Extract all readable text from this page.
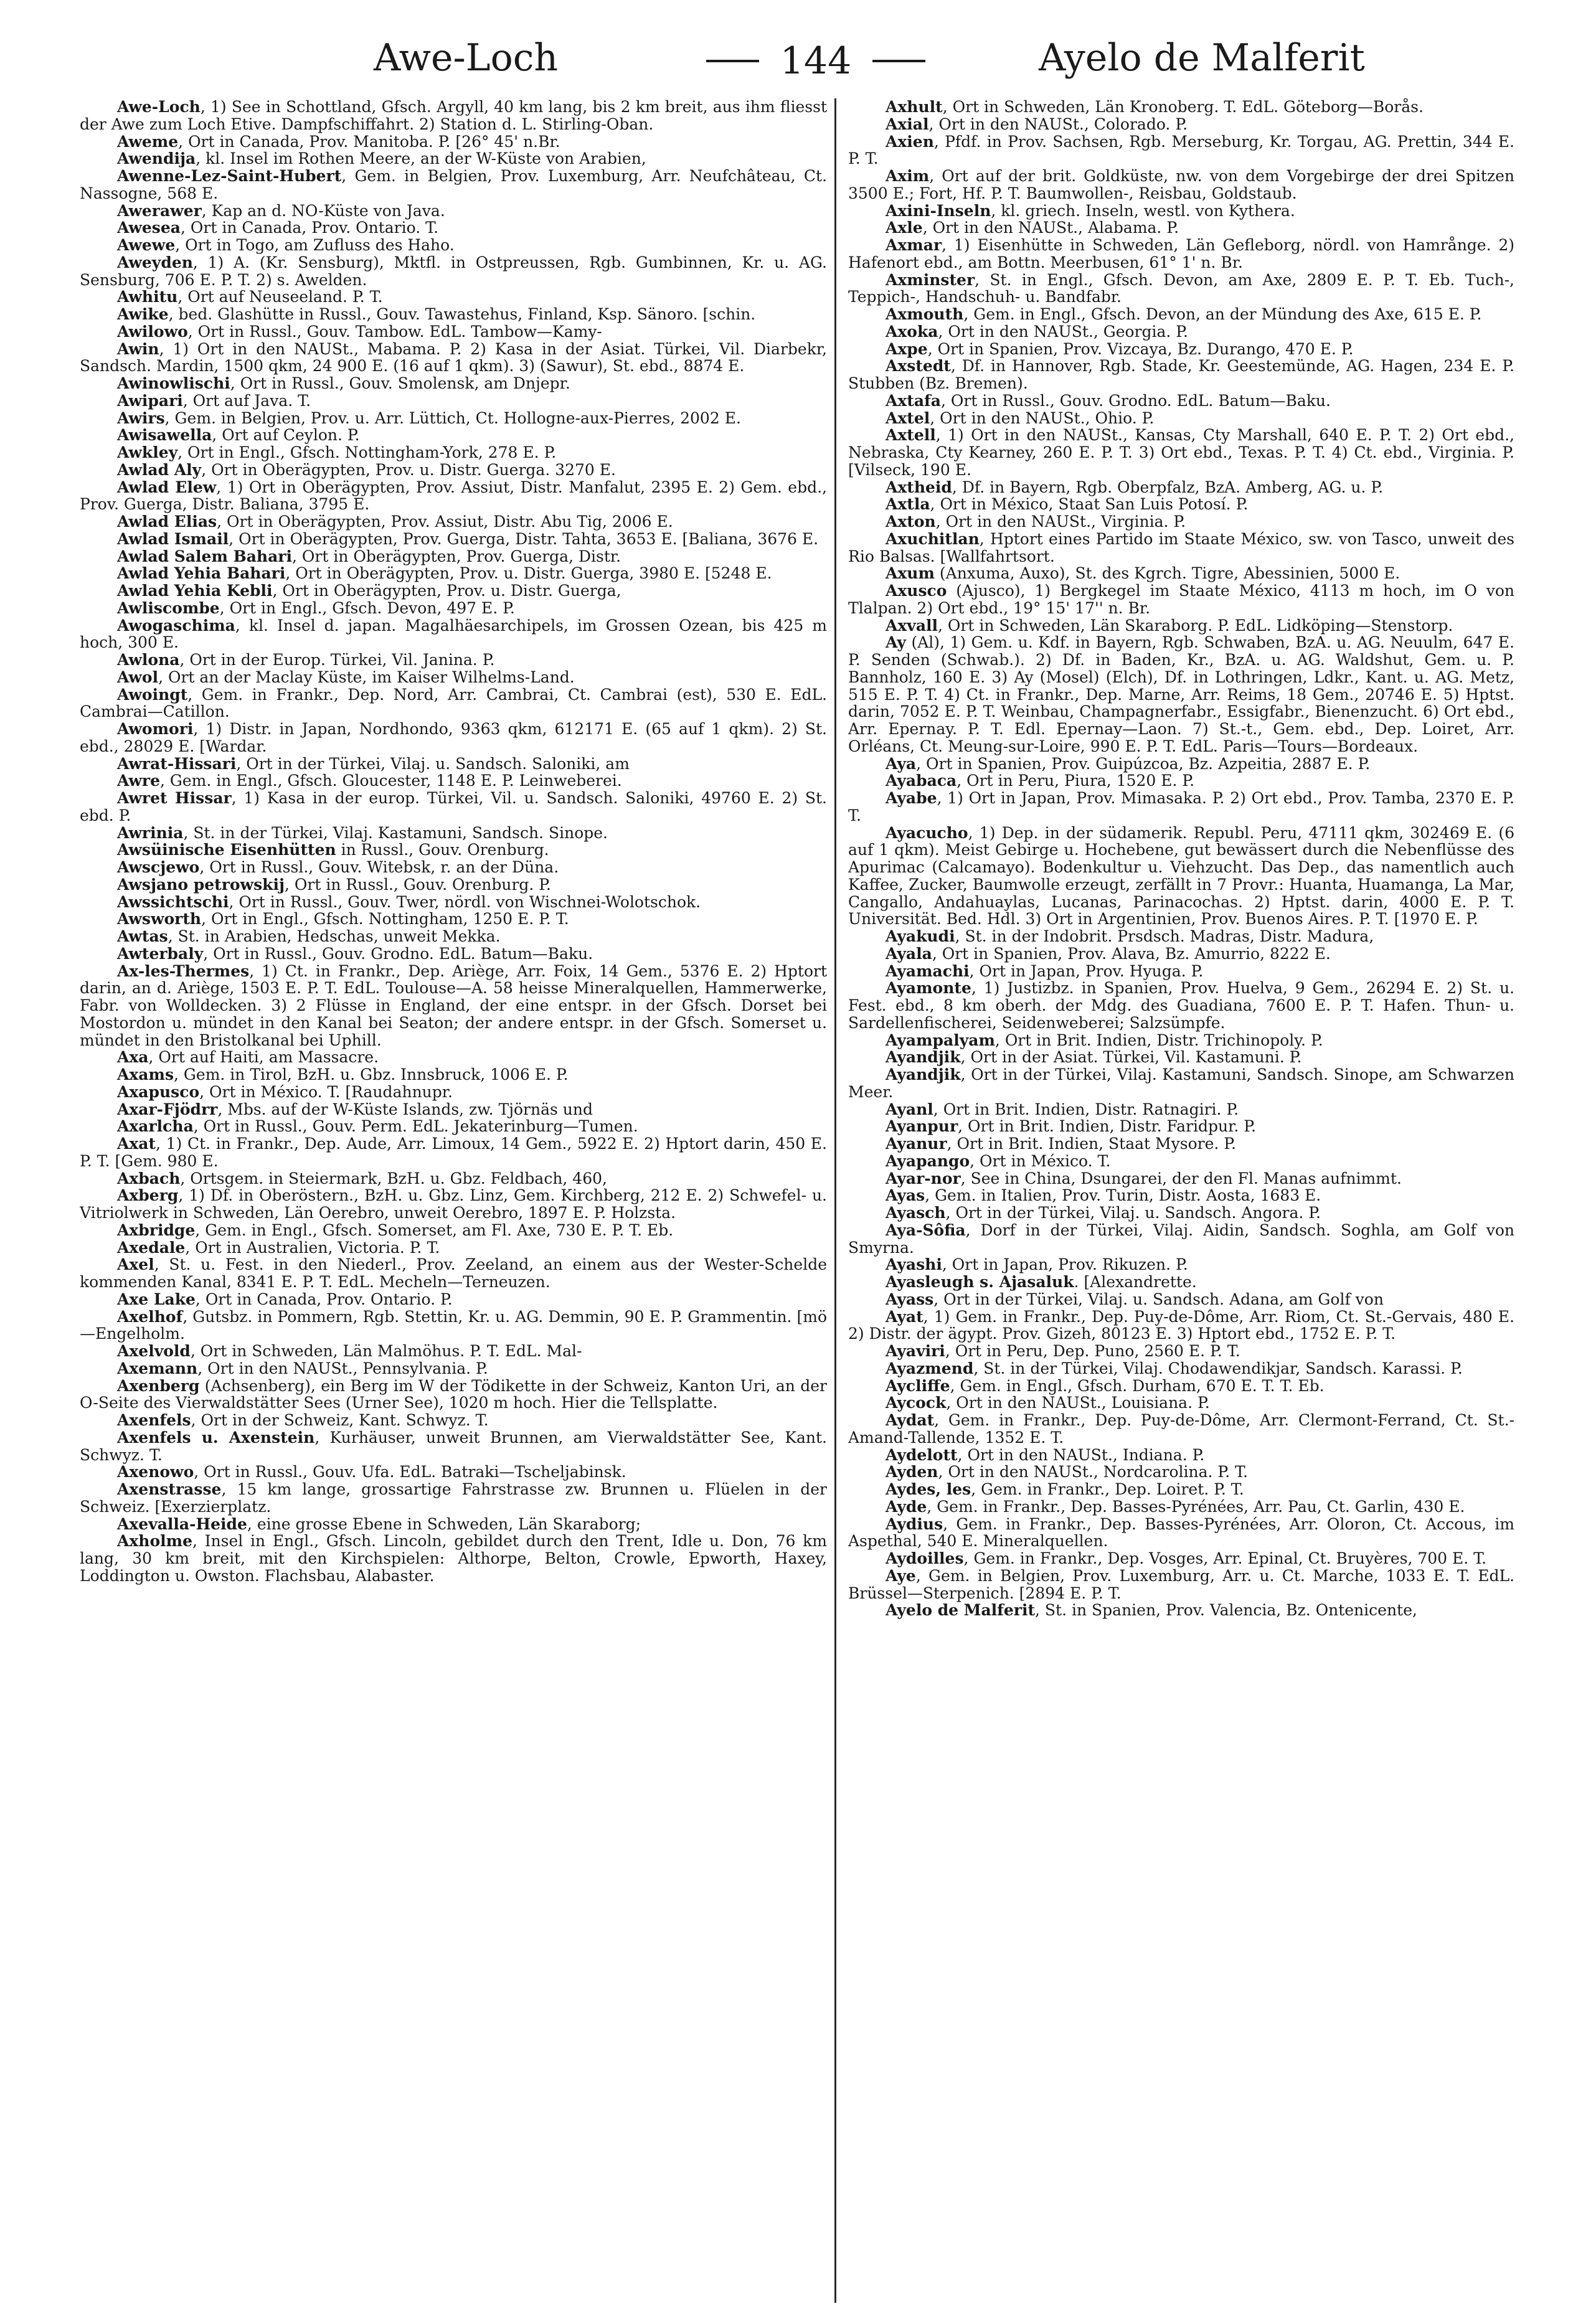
Awe-Loch	144	Ayelo de Malferit

Awe-Loch, 1) See in Schottland, Gfsch. Argyll, 40 km lang, bis 2 km breit, aus ihm fliesst der Awe zum Loch Etive. Dampfschiffahrt. 2) Station d. L. Stirling-Oban.

Aweme, Ort in Canada, Prov. Manitoba. P. [26° 45' n.Br.

Awendija, kl. Insel im Rothen Meere, an der W-Küste von Arabien,

Awenne-Lez-Saint-Hubert, Gem. in Belgien, Prov. Luxemburg, Arr. Neufchâteau, Ct. Nassogne, 568 E.

Awerawer, Kap an d. NO-Küste von Java.

Awesea, Ort in Canada, Prov. Ontario. T.

Awewe, Ort in Togo, am Zufluss des Haho.

Aweyden, 1) A. (Kr. Sensburg), Mktfl. in Ostpreussen, Rgb. Gumbinnen, Kr. u. AG. Sensburg, 706 E. P. T. 2) s. Awelden.

Awhitu, Ort auf Neuseeland. P. T.

Awike, bed. Glashütte in Russl., Gouv. Tawastehus, Finland, Ksp. Sänoro. [schin.

Awilowo, Ort in Russl., Gouv. Tambow. EdL. Tambow—Kamy-

Awin, 1) Ort in den NAUSt., Mabama. P. 2) Kasa in der Asiat. Türkei, Vil. Diarbekr, Sandsch. Mardin, 1500 qkm, 24 900 E. (16 auf 1 qkm). 3) (Sawur), St. ebd., 8874 E.

Awinowlischi, Ort in Russl., Gouv. Smolensk, am Dnjepr.

Awipari, Ort auf Java. T.

Awirs, Gem. in Belgien, Prov. u. Arr. Lüttich, Ct. Hollogne-aux-Pierres, 2002 E.

Awisawella, Ort auf Ceylon. P.

Awkley, Ort in Engl., Gfsch. Nottingham-York, 278 E. P.

Awlad Aly, Ort in Oberägypten, Prov. u. Distr. Guerga. 3270 E.

Awlad Elew, 1) Ort in Oberägypten, Prov. Assiut, Distr. Manfalut, 2395 E. 2) Gem. ebd., Prov. Guerga, Distr. Baliana, 3795 E.

Awlad Elias, Ort in Oberägypten, Prov. Assiut, Distr. Abu Tig, 2006 E.

Awlad Ismail, Ort in Oberägypten, Prov. Guerga, Distr. Tahta, 3653 E. [Baliana, 3676 E.

Awlad Salem Bahari, Ort in Oberägypten, Prov. Guerga, Distr.

Awlad Yehia Bahari, Ort in Oberägypten, Prov. u. Distr. Guerga, 3980 E. [5248 E.

Awlad Yehia Kebli, Ort in Oberägypten, Prov. u. Distr. Guerga,

Awliscombe, Ort in Engl., Gfsch. Devon, 497 E. P.

Awogaschima, kl. Insel d. japan. Magalhäesarchipels, im Grossen Ozean, bis 425 m hoch, 300 E.

Awlona, Ort in der Europ. Türkei, Vil. Janina. P.

Awol, Ort an der Maclay Küste, im Kaiser Wilhelms-Land.

Awoingt, Gem. in Frankr., Dep. Nord, Arr. Cambrai, Ct. Cambrai (est), 530 E. EdL. Cambrai—Catillon.

Awomori, 1) Distr. in Japan, Nordhondo, 9363 qkm, 612171 E. (65 auf 1 qkm). 2) St. ebd., 28029 E. [Wardar.

Awrat-Hissari, Ort in der Türkei, Vilaj. u. Sandsch. Saloniki, am

Awre, Gem. in Engl., Gfsch. Gloucester, 1148 E. P. Leinweberei.

Awret Hissar, 1) Kasa in der europ. Türkei, Vil. u. Sandsch. Saloniki, 49760 E. 2) St. ebd. P.

Awrinia, St. in der Türkei, Vilaj. Kastamuni, Sandsch. Sinope.

Awsüinische Eisenhütten in Russl., Gouv. Orenburg.

Awscjewo, Ort in Russl., Gouv. Witebsk, r. an der Düna.

Awsjano petrowskij, Ort in Russl., Gouv. Orenburg. P.

Awssichtschi, Ort in Russl., Gouv. Twer, nördl. von Wischnei-Wolotschok.

Awsworth, Ort in Engl., Gfsch. Nottingham, 1250 E. P. T.

Awtas, St. in Arabien, Hedschas, unweit Mekka.

Awterbaly, Ort in Russl., Gouv. Grodno. EdL. Batum—Baku.

Ax-les-Thermes, 1) Ct. in Frankr., Dep. Ariège, Arr. Foix, 14 Gem., 5376 E. 2) Hptort darin, an d. Ariège, 1503 E. P. T. EdL. Toulouse—A. 58 heisse Mineralquellen, Hammerwerke, Fabr. von Wolldecken. 3) 2 Flüsse in England, der eine entspr. in der Gfsch. Dorset bei Mostordon u. mündet in den Kanal bei Seaton; der andere entspr. in der Gfsch. Somerset u. mündet in den Bristolkanal bei Uphill.

Axa, Ort auf Haiti, am Massacre.

Axams, Gem. in Tirol, BzH. u. Gbz. Innsbruck, 1006 E. P.

Axapusco, Ort in México. T. [Raudahnupr.

Axar-Fjödrr, Mbs. auf der W-Küste Islands, zw. Tjörnäs und

Axarlcha, Ort in Russl., Gouv. Perm. EdL. Jekaterinburg—Tumen.

Axat, 1) Ct. in Frankr., Dep. Aude, Arr. Limoux, 14 Gem., 5922 E. 2) Hptort darin, 450 E. P. T. [Gem. 980 E.

Axbach, Ortsgem. in Steiermark, BzH. u. Gbz. Feldbach, 460,

Axberg, 1) Df. in Oberöstern., BzH. u. Gbz. Linz, Gem. Kirchberg, 212 E. 2) Schwefel- u. Vitriolwerk in Schweden, Län Oerebro, unweit Oerebro, 1897 E. P. Holzsta.

Axbridge, Gem. in Engl., Gfsch. Somerset, am Fl. Axe, 730 E. P. T. Eb.

Axedale, Ort in Australien, Victoria. P. T.

Axel, St. u. Fest. in den Niederl., Prov. Zeeland, an einem aus der Wester-Schelde kommenden Kanal, 8341 E. P. T. EdL. Mecheln—Terneuzen.

Axe Lake, Ort in Canada, Prov. Ontario. P.

Axelhof, Gutsbz. in Pommern, Rgb. Stettin, Kr. u. AG. Demmin, 90 E. P. Grammentin. [mö—Engelholm.

Axelvold, Ort in Schweden, Län Malmöhus. P. T. EdL. Mal-

Axemann, Ort in den NAUSt., Pennsylvania. P.

Axenberg (Achsenberg), ein Berg im W der Tödikette in der Schweiz, Kanton Uri, an der O-Seite des Vierwaldstätter Sees (Urner See), 1020 m hoch. Hier die Tellsplatte.

Axenfels, Ort in der Schweiz, Kant. Schwyz. T.

Axenfels u. Axenstein, Kurhäuser, unweit Brunnen, am Vierwaldstätter See, Kant. Schwyz. T.

Axenowo, Ort in Russl., Gouv. Ufa. EdL. Batraki—Tscheljabinsk.

Axenstrasse, 15 km lange, grossartige Fahrstrasse zw. Brunnen u. Flüelen in der Schweiz. [Exerzierplatz.

Axevalla-Heide, eine grosse Ebene in Schweden, Län Skaraborg;

Axholme, Insel in Engl., Gfsch. Lincoln, gebildet durch den Trent, Idle u. Don, 76 km lang, 30 km breit, mit den Kirchspielen: Althorpe, Belton, Crowle, Epworth, Haxey, Loddington u. Owston. Flachsbau, Alabaster.

Axhult, Ort in Schweden, Län Kronoberg. T. EdL. Göteborg—Borås.

Axial, Ort in den NAUSt., Colorado. P.

Axien, Pfdf. in Prov. Sachsen, Rgb. Merseburg, Kr. Torgau, AG. Prettin, 344 E. P. T.

Axim, Ort auf der brit. Goldküste, nw. von dem Vorgebirge der drei Spitzen 3500 E.; Fort, Hf. P. T. Baumwollen-, Reisbau, Goldstaub.

Axini-Inseln, kl. griech. Inseln, westl. von Kythera.

Axle, Ort in den NAUSt., Alabama. P.

Axmar, 1) Eisenhütte in Schweden, Län Gefleborg, nördl. von Hamrånge. 2) Hafenort ebd., am Bottn. Meerbusen, 61° 1' n. Br.

Axminster, St. in Engl., Gfsch. Devon, am Axe, 2809 E. P. T. Eb. Tuch-, Teppich-, Handschuh- u. Bandfabr.

Axmouth, Gem. in Engl., Gfsch. Devon, an der Mündung des Axe, 615 E. P.

Axoka, Ort in den NAUSt., Georgia. P.

Axpe, Ort in Spanien, Prov. Vizcaya, Bz. Durango, 470 E. P.

Axstedt, Df. in Hannover, Rgb. Stade, Kr. Geestemünde, AG. Hagen, 234 E. P. Stubben (Bz. Bremen).

Axtafa, Ort in Russl., Gouv. Grodno. EdL. Batum—Baku.

Axtel, Ort in den NAUSt., Ohio. P.

Axtell, 1) Ort in den NAUSt., Kansas, Cty Marshall, 640 E. P. T. 2) Ort ebd., Nebraska, Cty Kearney, 260 E. P. T. 3) Ort ebd., Texas. P. T. 4) Ct. ebd., Virginia. P. [Vilseck, 190 E.

Axtheid, Df. in Bayern, Rgb. Oberpfalz, BzA. Amberg, AG. u. P.

Axtla, Ort in México, Staat San Luis Potosí. P.

Axton, Ort in den NAUSt., Virginia. P.

Axuchitlan, Hptort eines Partido im Staate México, sw. von Tasco, unweit des Rio Balsas. [Wallfahrtsort.

Axum (Anxuma, Auxo), St. des Kgrch. Tigre, Abessinien, 5000 E.

Axusco (Ajusco), 1) Bergkegel im Staate México, 4113 m hoch, im O von Tlalpan. 2) Ort ebd., 19° 15' 17'' n. Br.

Axvall, Ort in Schweden, Län Skaraborg. P. EdL. Lidköping—Stenstorp.

Ay (Al), 1) Gem. u. Kdf. in Bayern, Rgb. Schwaben, BzA. u. AG. Neuulm, 647 E. P. Senden (Schwab.). 2) Df. in Baden, Kr., BzA. u. AG. Waldshut, Gem. u. P. Bannholz, 160 E. 3) Ay (Mosel) (Elch), Df. in Lothringen, Ldkr., Kant. u. AG. Metz, 515 E. P. T. 4) Ct. in Frankr., Dep. Marne, Arr. Reims, 18 Gem., 20746 E. 5) Hptst. darin, 7052 E. P. T. Weinbau, Champagnerfabr., Essigfabr., Bienenzucht. 6) Ort ebd., Arr. Epernay. P. T. Edl. Epernay—Laon. 7) St.-t., Gem. ebd., Dep. Loiret, Arr. Orléans, Ct. Meung-sur-Loire, 990 E. P. T. EdL. Paris—Tours—Bordeaux.

Aya, Ort in Spanien, Prov. Guipúzcoa, Bz. Azpeitia, 2887 E. P.

Ayabaca, Ort in Peru, Piura, 1520 E. P.

Ayabe, 1) Ort in Japan, Prov. Mimasaka. P. 2) Ort ebd., Prov. Tamba, 2370 E. P. T.

Ayacucho, 1) Dep. in der südamerik. Republ. Peru, 47111 qkm, 302469 E. (6 auf 1 qkm). Meist Gebirge u. Hochebene, gut bewässert durch die Nebenflüsse des Apurimac (Calcamayo). Bodenkultur u. Viehzucht. Das Dep., das namentlich auch Kaffee, Zucker, Baumwolle erzeugt, zerfällt in 7 Provr.: Huanta, Huamanga, La Mar, Cangallo, Andahuaylas, Lucanas, Parinacochas. 2) Hptst. darin, 4000 E. P. T. Universität. Bed. Hdl. 3) Ort in Argentinien, Prov. Buenos Aires. P. T. [1970 E. P.

Ayakudi, St. in der Indobrit. Prsdsch. Madras, Distr. Madura,

Ayala, Ort in Spanien, Prov. Alava, Bz. Amurrio, 8222 E.

Ayamachi, Ort in Japan, Prov. Hyuga. P.

Ayamonte, 1) Justizbz. in Spanien, Prov. Huelva, 9 Gem., 26294 E. 2) St. u. Fest. ebd., 8 km oberh. der Mdg. des Guadiana, 7600 E. P. T. Hafen. Thun- u. Sardellenfischerei, Seidenweberei; Salzsümpfe.

Ayampalyam, Ort in Brit. Indien, Distr. Trichinopoly. P.

Ayandjik, Ort in der Asiat. Türkei, Vil. Kastamuni. P.

Ayandjik, Ort in der Türkei, Vilaj. Kastamuni, Sandsch. Sinope, am Schwarzen Meer.

Ayanl, Ort in Brit. Indien, Distr. Ratnagiri. P.

Ayanpur, Ort in Brit. Indien, Distr. Faridpur. P.

Ayanur, Ort in Brit. Indien, Staat Mysore. P.

Ayapango, Ort in México. T.

Ayar-nor, See in China, Dsungarei, der den Fl. Manas aufnimmt.

Ayas, Gem. in Italien, Prov. Turin, Distr. Aosta, 1683 E.

Ayasch, Ort in der Türkei, Vilaj. u. Sandsch. Angora. P.

Aya-Sôfia, Dorf in der Türkei, Vilaj. Aidin, Sandsch. Soghla, am Golf von Smyrna.

Ayashi, Ort in Japan, Prov. Rikuzen. P.

Ayasleugh s. Ajasaluk. [Alexandrette.

Ayass, Ort in der Türkei, Vilaj. u. Sandsch. Adana, am Golf von

Ayat, 1) Gem. in Frankr., Dep. Puy-de-Dôme, Arr. Riom, Ct. St.-Gervais, 480 E. 2) Distr. der ägypt. Prov. Gizeh, 80123 E. 3) Hptort ebd., 1752 E. P. T.

Ayaviri, Ort in Peru, Dep. Puno, 2560 E. P. T.

Ayazmend, St. in der Türkei, Vilaj. Chodawendikjar, Sandsch. Karassi. P.

Aycliffe, Gem. in Engl., Gfsch. Durham, 670 E. T. T. Eb.

Aycock, Ort in den NAUSt., Louisiana. P.

Aydat, Gem. in Frankr., Dep. Puy-de-Dôme, Arr. Clermont-Ferrand, Ct. St.-Amand-Tallende, 1352 E. T.

Aydelott, Ort in den NAUSt., Indiana. P.

Ayden, Ort in den NAUSt., Nordcarolina. P. T.

Aydes, les, Gem. in Frankr., Dep. Loiret. P. T.

Ayde, Gem. in Frankr., Dep. Basses-Pyrénées, Arr. Pau, Ct. Garlin, 430 E.

Aydius, Gem. in Frankr., Dep. Basses-Pyrénées, Arr. Oloron, Ct. Accous, im Aspethal, 540 E. Mineralquellen.

Aydoilles, Gem. in Frankr., Dep. Vosges, Arr. Epinal, Ct. Bruyères, 700 E. T.

Aye, Gem. in Belgien, Prov. Luxemburg, Arr. u. Ct. Marche, 1033 E. T. EdL. Brüssel—Sterpenich. [2894 E. P. T.

Ayelo de Malferit, St. in Spanien, Prov. Valencia, Bz. Ontenicente,
